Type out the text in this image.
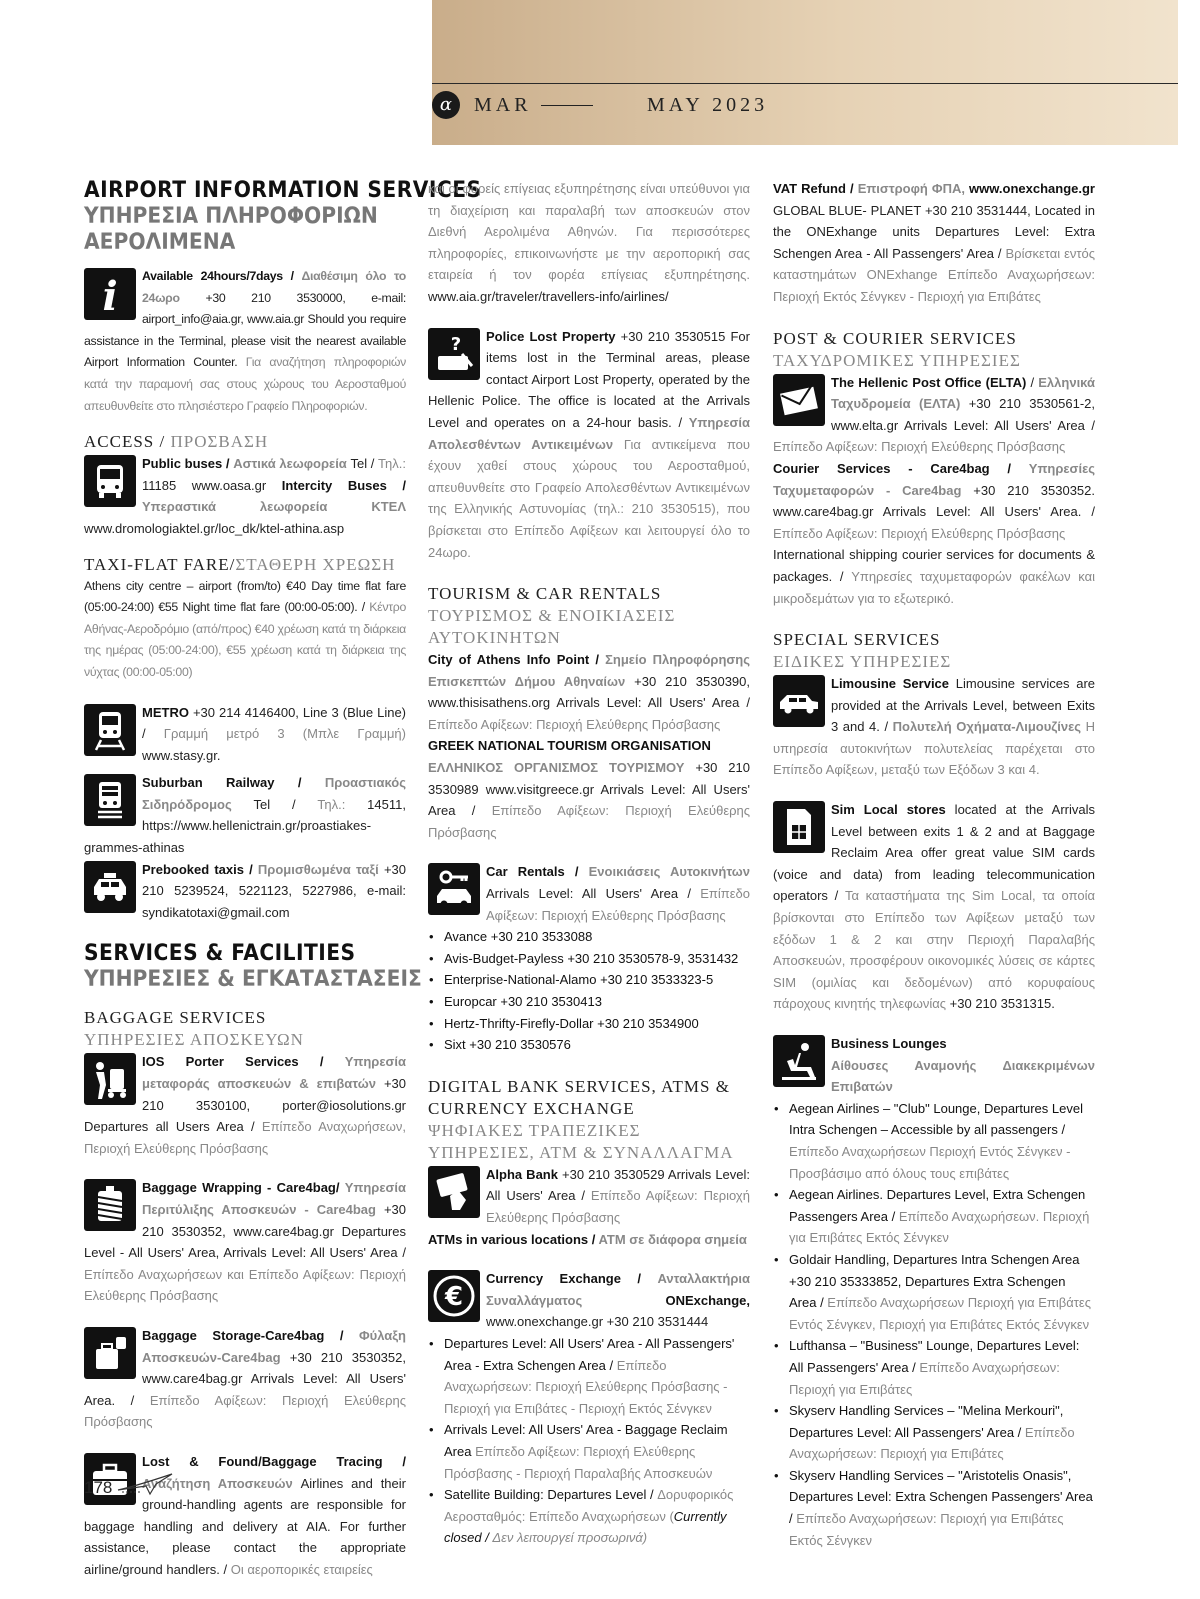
α	MAR	MAY 2023
AIRPORT INFORMATION SERVICES
ΥΠΗΡΕΣΙΑ ΠΛΗΡΟΦΟΡΙΩΝ
ΑΕΡΟΛΙΜΕΝΑ
i Available 24hours/7days / Διαθέσιμη όλο το 24ωρο +30 210 3530000, e-mail: airport_info@aia.gr, www.aia.gr Should you require assistance in the Terminal, please visit the nearest available Airport Information Counter. Για αναζήτηση πληροφοριών κατά την παραμονή σας στους χώρους του Αεροσταθμού απευθυνθείτε στο πλησιέστερο Γραφείο Πληροφοριών.
ACCESS / ΠΡΟΣΒΑΣΗ
Public buses / Αστικά λεωφορεία Tel / Τηλ.: 11185 www.oasa.gr Intercity Buses / Υπεραστικά λεωφορεία ΚΤΕΛ www.dromologiaktel.gr/loc_dk/ktel-athina.asp
TAXI-FLAT FARE/ΣΤΑΘΕΡΗ ΧΡΕΩΣΗ
Athens city centre – airport (from/to) €40 Day time flat fare (05:00-24:00) €55 Night time flat fare (00:00-05:00). / Κέντρο Αθήνας-Αεροδρόμιο (από/προς) €40 χρέωση κατά τη διάρκεια της ημέρας (05:00-24:00), €55 χρέωση κατά τη διάρκεια της νύχτας (00:00-05:00)
METRO +30 214 4146400, Line 3 (Blue Line) / Γραμμή μετρό 3 (Μπλε Γραμμή) www.stasy.gr.
Suburban Railway / Προαστιακός Σιδηρόδρομος Tel / Τηλ.: 14511, https://www.hellenictrain.gr/proastiakes-grammes-athinas
Prebooked taxis / Προμισθωμένα ταξί +30 210 5239524, 5221123, 5227986, e-mail: syndikatotaxi@gmail.com
SERVICES & FACILITIES
ΥΠΗΡΕΣΙΕΣ & ΕΓΚΑΤΑΣΤΑΣΕΙΣ
BAGGAGE SERVICES
ΥΠΗΡΕΣΙΕΣ ΑΠΟΣΚΕΥΩΝ
IOS Porter Services / Υπηρεσία μεταφοράς αποσκευών & επιβατών +30 210 3530100, porter@iosolutions.gr Departures all Users Area / Επίπεδο Αναχωρήσεων, Περιοχή Ελεύθερης Πρόσβασης
Baggage Wrapping - Care4bag/ Υπηρεσία Περιτύλιξης Αποσκευών - Care4bag +30 210 3530352, www.care4bag.gr Departures Level - All Users' Area, Arrivals Level: All Users' Area / Επίπεδο Αναχωρήσεων και Επίπεδο Αφίξεων: Περιοχή Ελεύθερης Πρόσβασης
Baggage Storage-Care4bag / Φύλαξη Αποσκευών-Care4bag +30 210 3530352, www.care4bag.gr Arrivals Level: All Users' Area. / Επίπεδο Αφίξεων: Περιοχή Ελεύθερης Πρόσβασης
Lost & Found/Baggage Tracing / Αναζήτηση Αποσκευών Airlines and their ground-handling agents are responsible for baggage handling and delivery at AIA. For further assistance, please contact the appropriate airline/ground handlers. / Οι αεροπορικές εταιρείες
και οι φορείς επίγειας εξυπηρέτησης είναι υπεύθυνοι για τη διαχείριση και παραλαβή των αποσκευών στον Διεθνή Αερολιμένα Αθηνών. Για περισσότερες πληροφορίες, επικοινωνήστε με την αεροπορική σας εταιρεία ή τον φορέα επίγειας εξυπηρέτησης. www.aia.gr/traveler/travellers-info/airlines/
? Police Lost Property +30 210 3530515 For items lost in the Terminal areas, please contact Airport Lost Property, operated by the Hellenic Police. The office is located at the Arrivals Level and operates on a 24-hour basis. / Υπηρεσία Απολεσθέντων Αντικειμένων Για αντικείμενα που έχουν χαθεί στους χώρους του Αεροσταθμού, απευθυνθείτε στο Γραφείο Απολεσθέντων Αντικειμένων της Ελληνικής Αστυνομίας (τηλ.: 210 3530515), που βρίσκεται στο Επίπεδο Αφίξεων και λειτουργεί όλο το 24ωρο.
TOURISM & CAR RENTALS
ΤΟΥΡΙΣΜΟΣ & ΕΝΟΙΚΙΑΣΕΙΣ
ΑΥΤΟΚΙΝΗΤΩΝ
City of Athens Info Point / Σημείο Πληροφόρησης Επισκεπτών Δήμου Αθηναίων +30 210 3530390, www.thisisathens.org Arrivals Level: All Users' Area / Επίπεδο Αφίξεων: Περιοχή Ελεύθερης Πρόσβασης
GREEK NATIONAL TOURISM ORGANISATION
ΕΛΛΗΝΙΚΟΣ ΟΡΓΑΝΙΣΜΟΣ ΤΟΥΡΙΣΜΟΥ +30 210 3530989 www.visitgreece.gr Arrivals Level: All Users' Area / Επίπεδο Αφίξεων: Περιοχή Ελεύθερης Πρόσβασης
Car Rentals / Ενοικιάσεις Αυτοκινήτων Arrivals Level: All Users' Area / Επίπεδο Αφίξεων: Περιοχή Ελεύθερης Πρόσβασης
• Avance +30 210 3533088
• Avis-Budget-Payless +30 210 3530578-9, 3531432
• Enterprise-National-Alamo +30 210 3533323-5
• Europcar +30 210 3530413
• Hertz-Thrifty-Firefly-Dollar +30 210 3534900
• Sixt +30 210 3530576
DIGITAL BANK SERVICES, ATMS & CURRENCY EXCHANGE
ΨΗΦΙΑΚΕΣ ΤΡΑΠΕΖΙΚΕΣ ΥΠΗΡΕΣΙΕΣ, ΑΤΜ & ΣΥΝΑΛΛΑΓΜΑ
Alpha Bank +30 210 3530529 Arrivals Level: All Users' Area / Επίπεδο Αφίξεων: Περιοχή Ελεύθερης Πρόσβασης
ATMs in various locations / ATM σε διάφορα σημεία
€
Currency Exchange / Ανταλλακτήρια Συναλλάγματος ONExchange, www.onexchange.gr +30 210 3531444
• Departures Level: All Users' Area - All Passengers' Area - Extra Schengen Area / Επίπεδο Αναχωρήσεων: Περιοχή Ελεύθερης Πρόσβασης - Περιοχή για Επιβάτες - Περιοχή Εκτός Σένγκεν
• Arrivals Level: All Users' Area - Baggage Reclaim Area Επίπεδο Αφίξεων: Περιοχή Ελεύθερης Πρόσβασης - Περιοχή Παραλαβής Αποσκευών
• Satellite Building: Departures Level / Δορυφορικός Αεροσταθμός: Επίπεδο Αναχωρήσεων (Currently closed / Δεν λειτουργεί προσωρινά)
VAT Refund / Επιστροφή ΦΠΑ, www.onexchange.gr GLOBAL BLUE- PLANET +30 210 3531444, Located in the ONExhange units Departures Level: Extra Schengen Area - All Passengers' Area / Βρίσκεται εντός καταστημάτων ONExhange Επίπεδο Αναχωρήσεων: Περιοχή Εκτός Σένγκεν - Περιοχή για Επιβάτες
POST & COURIER SERVICES
ΤΑΧΥΔΡΟΜΙΚΕΣ ΥΠΗΡΕΣΙΕΣ
The Hellenic Post Office (ELTA) / Ελληνικά Ταχυδρομεία (ΕΛΤΑ) +30 210 3530561-2, www.elta.gr Arrivals Level: All Users' Area / Επίπεδο Αφίξεων: Περιοχή Ελεύθερης Πρόσβασης
Courier Services - Care4bag / Υπηρεσίες Ταχυμεταφορών - Care4bag +30 210 3530352. www.care4bag.gr Arrivals Level: All Users' Area. / Επίπεδο Αφίξεων: Περιοχή Ελεύθερης Πρόσβασης
International shipping courier services for documents & packages. / Υπηρεσίες ταχυμεταφορών φακέλων και μικροδεμάτων για το εξωτερικό.
SPECIAL SERVICES
ΕΙΔΙΚΕΣ ΥΠΗΡΕΣΙΕΣ
Limousine Service Limousine services are provided at the Arrivals Level, between Exits 3 and 4. / Πολυτελή Οχήματα-Λιμουζίνες Η υπηρεσία αυτοκινήτων πολυτελείας παρέχεται στο Επίπεδο Αφίξεων, μεταξύ των Εξόδων 3 και 4.
Sim Local stores located at the Arrivals Level between exits 1 & 2 and at Baggage Reclaim Area offer great value SIM cards (voice and data) from leading telecommunication operators / Τα καταστήματα της Sim Local, τα οποία βρίσκονται στο Επίπεδο των Αφίξεων μεταξύ των εξόδων 1 & 2 και στην Περιοχή Παραλαβής Αποσκευών, προσφέρουν οικονομικές λύσεις σε κάρτες SIM (ομιλίας και δεδομένων) από κορυφαίους πάροχους κινητής τηλεφωνίας +30 210 3531315.
Business Lounges
Αίθουσες Αναμονής Διακεκριμένων Επιβατών
• Aegean Airlines – "Club" Lounge, Departures Level Intra Schengen – Accessible by all passengers / Επίπεδο Αναχωρήσεων Περιοχή Εντός Σένγκεν - Προσβάσιμο από όλους τους επιβάτες
• Aegean Airlines. Departures Level, Extra Schengen Passengers Area / Επίπεδο Αναχωρήσεων. Περιοχή για Επιβάτες Εκτός Σένγκεν
• Goldair Handling, Departures Intra Schengen Area +30 210 35333852, Departures Extra Schengen Area / Επίπεδο Αναχωρήσεων Περιοχή για Επιβάτες Εντός Σένγκεν, Περιοχή για Επιβάτες Εκτός Σένγκεν
• Lufthansa – "Business" Lounge, Departures Level: All Passengers' Area / Επίπεδο Αναχωρήσεων: Περιοχή για Επιβάτες
• Skyserv Handling Services – "Melina Merkouri", Departures Level: All Passengers' Area / Επίπεδο Αναχωρήσεων: Περιοχή για Επιβάτες
• Skyserv Handling Services – "Aristotelis Onasis", Departures Level: Extra Schengen Passengers' Area / Επίπεδο Αναχωρήσεων: Περιοχή για Επιβάτες Εκτός Σένγκεν
178
